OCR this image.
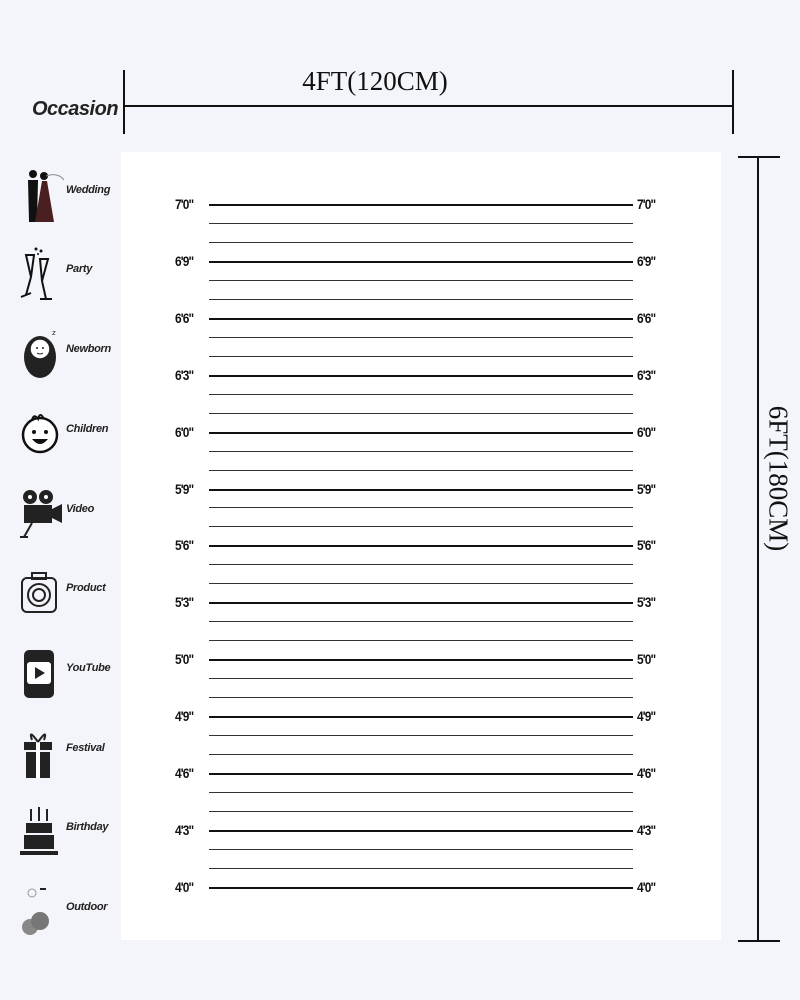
4FT(120CM)
6FT(180CM)
Occasion
Wedding
Party
z
Newborn
Children
Video
Product
YouTube
Festival
Birthday
Outdoor
7'0"	7'0"
6'9"	6'9"
6'6"	6'6"
6'3"	6'3"
6'0"	6'0"
5'9"	5'9"
5'6"	5'6"
5'3"	5'3"
5'0"	5'0"
4'9"	4'9"
4'6"	4'6"
4'3"	4'3"
4'0"	4'0"
